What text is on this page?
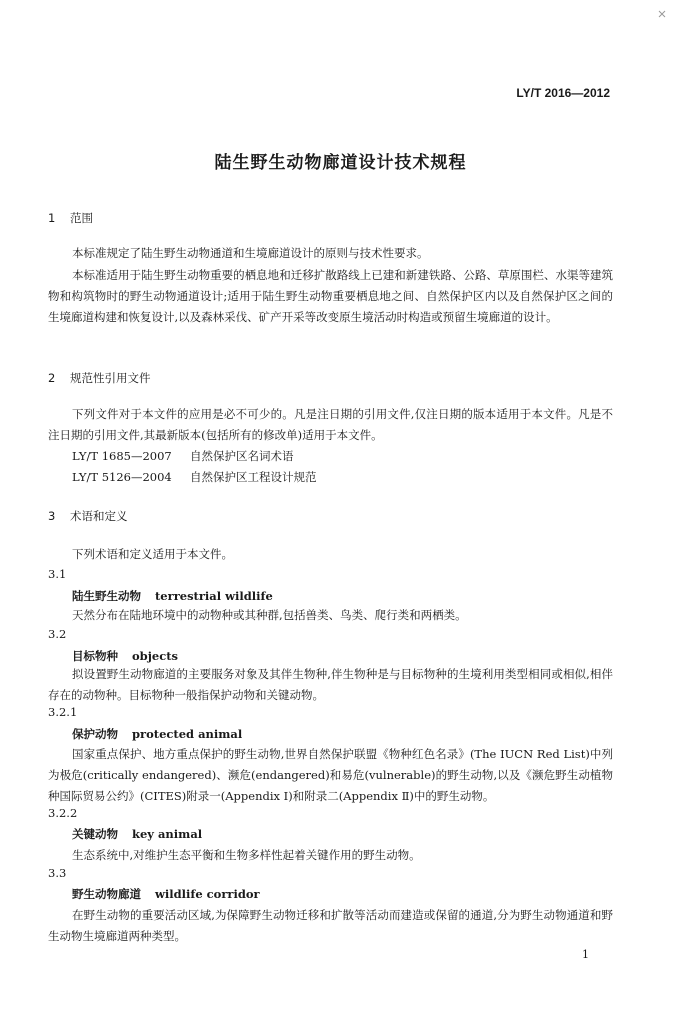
LY/T 2016—2012
陆生野生动物廊道设计技术规程
1 范围
本标准规定了陆生野生动物通道和生境廊道设计的原则与技术性要求。
本标准适用于陆生野生动物重要的栖息地和迁移扩散路线上已建和新建铁路、公路、草原围栏、水渠等建筑物和构筑物时的野生动物通道设计;适用于陆生野生动物重要栖息地之间、自然保护区内以及自然保护区之间的生境廊道构建和恢复设计,以及森林采伐、矿产开采等改变原生境活动时构造或预留生境廊道的设计。
2 规范性引用文件
下列文件对于本文件的应用是必不可少的。凡是注日期的引用文件,仅注日期的版本适用于本文件。凡是不注日期的引用文件,其最新版本(包括所有的修改单)适用于本文件。
LY/T 1685—2007 自然保护区名词术语
LY/T 5126—2004 自然保护区工程设计规范
3 术语和定义
下列术语和定义适用于本文件。
3.1
陆生野生动物 terrestrial wildlife
天然分布在陆地环境中的动物种或其种群,包括兽类、鸟类、爬行类和两栖类。
3.2
目标物种 objects
拟设置野生动物廊道的主要服务对象及其伴生物种,伴生物种是与目标物种的生境利用类型相同或相似,相伴存在的动物种。目标物种一般指保护动物和关键动物。
3.2.1
保护动物 protected animal
国家重点保护、地方重点保护的野生动物,世界自然保护联盟《物种红色名录》(The IUCN Red List)中列为极危(critically endangered)、濒危(endangered)和易危(vulnerable)的野生动物,以及《濒危野生动植物种国际贸易公约》(CITES)附录一(Appendix Ⅰ)和附录二(Appendix Ⅱ)中的野生动物。
3.2.2
关键动物 key animal
生态系统中,对维护生态平衡和生物多样性起着关键作用的野生动物。
3.3
野生动物廊道 wildlife corridor
在野生动物的重要活动区域,为保障野生动物迁移和扩散等活动而建造或保留的通道,分为野生动物通道和野生动物生境廊道两种类型。
1
